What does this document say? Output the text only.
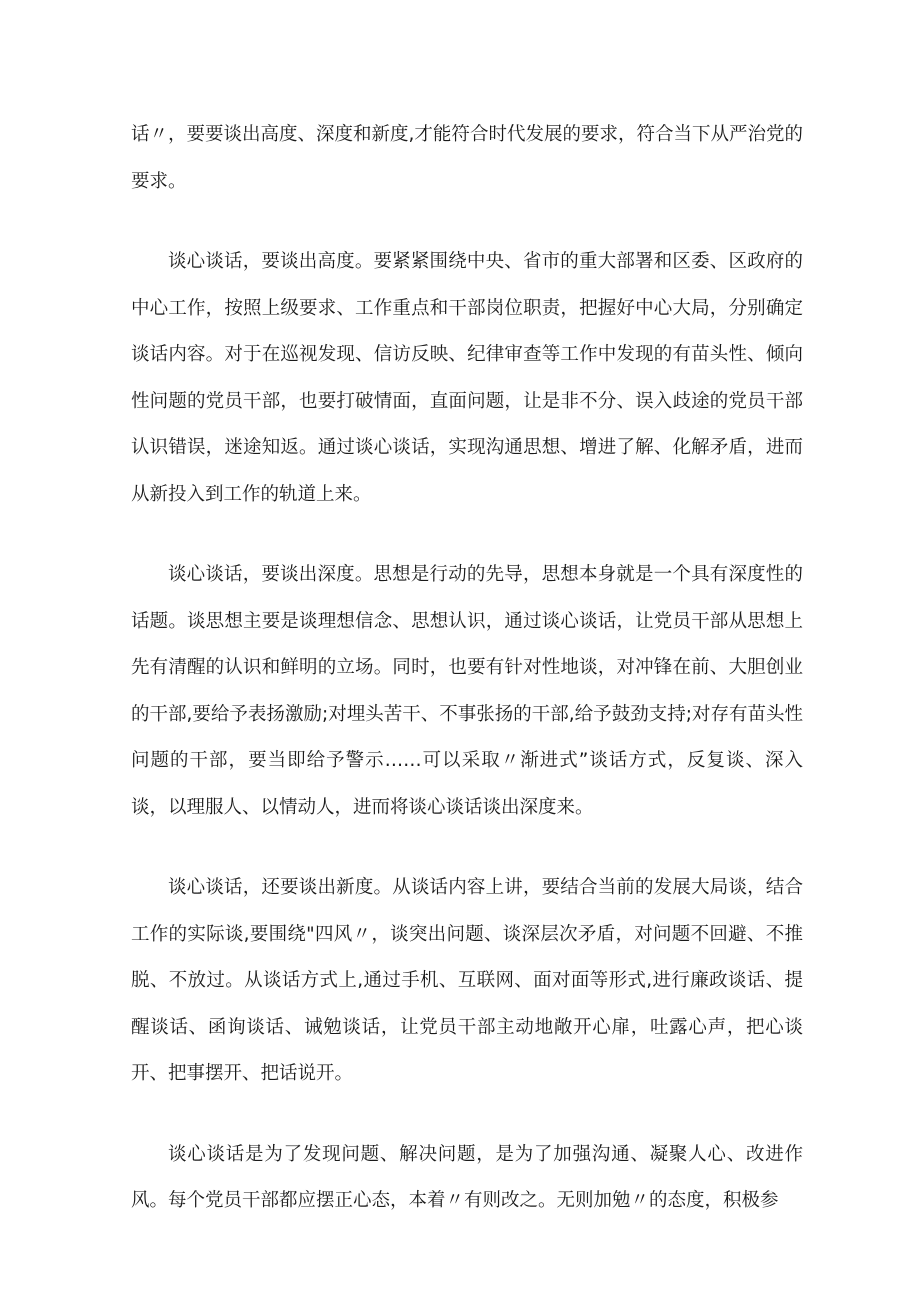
话〃，要要谈出高度、深度和新度,才能符合时代发展的要求，符合当下从严治党的要求。

谈心谈话，要谈出高度。要紧紧围绕中央、省市的重大部署和区委、区政府的中心工作，按照上级要求、工作重点和干部岗位职责，把握好中心大局，分别确定谈话内容。对于在巡视发现、信访反映、纪律审查等工作中发现的有苗头性、倾向性问题的党员干部，也要打破情面，直面问题，让是非不分、误入歧途的党员干部认识错误，迷途知返。通过谈心谈话，实现沟通思想、增进了解、化解矛盾，进而从新投入到工作的轨道上来。

谈心谈话，要谈出深度。思想是行动的先导，思想本身就是一个具有深度性的话题。谈思想主要是谈理想信念、思想认识，通过谈心谈话，让党员干部从思想上先有清醒的认识和鲜明的立场。同时，也要有针对性地谈，对冲锋在前、大胆创业的干部,要给予表扬激励;对埋头苦干、不事张扬的干部,给予鼓劲支持;对存有苗头性问题的干部，要当即给予警示……可以采取〃渐进式”谈话方式，反复谈、深入谈，以理服人、以情动人，进而将谈心谈话谈出深度来。

谈心谈话，还要谈出新度。从谈话内容上讲，要结合当前的发展大局谈，结合工作的实际谈,要围绕"四风〃，谈突出问题、谈深层次矛盾，对问题不回避、不推脱、不放过。从谈话方式上,通过手机、互联网、面对面等形式,进行廉政谈话、提醒谈话、函询谈话、诫勉谈话，让党员干部主动地敞开心扉，吐露心声，把心谈开、把事摆开、把话说开。

谈心谈话是为了发现问题、解决问题，是为了加强沟通、凝聚人心、改进作风。每个党员干部都应摆正心态，本着〃有则改之。无则加勉〃的态度，积极参
